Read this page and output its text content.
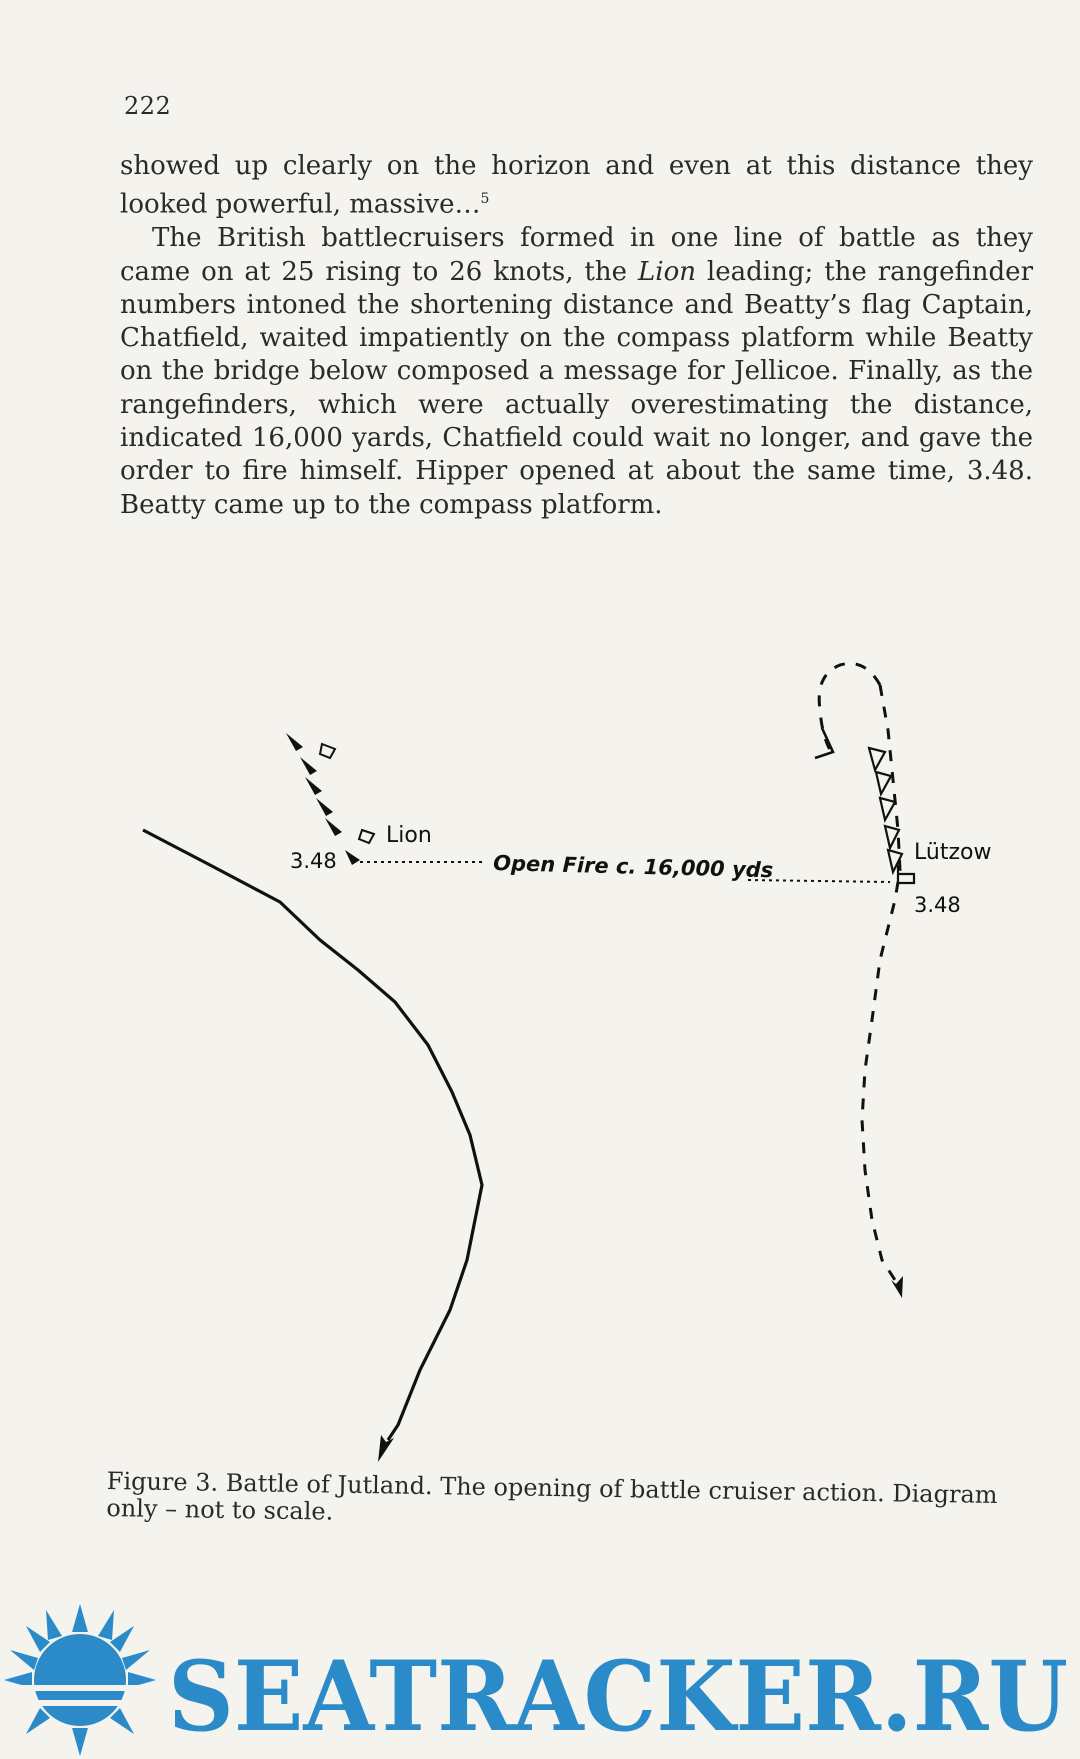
222

showed up clearly on the horizon and even at this distance they looked powerful, massive…$^5$

The British battlecruisers formed in one line of battle as they came on at 25 rising to 26 knots, the Lion leading; the rangefinder numbers intoned the shortening distance and Beatty’s flag Captain, Chatfield, waited impatiently on the compass platform while Beatty on the bridge below composed a message for Jellicoe. Finally, as the rangefinders, which were actually overestimating the distance, indicated 16,000 yards, Chatfield could wait no longer, and gave the order to fire himself. Hipper opened at about the same time, 3.48. Beatty came up to the compass platform.

Lion
3.48	Open Fire c. 16,000 yds	Lützow
3.48

Figure 3. Battle of Jutland. The opening of battle cruiser action. Diagram only – not to scale.

SEATRACKER.RU
